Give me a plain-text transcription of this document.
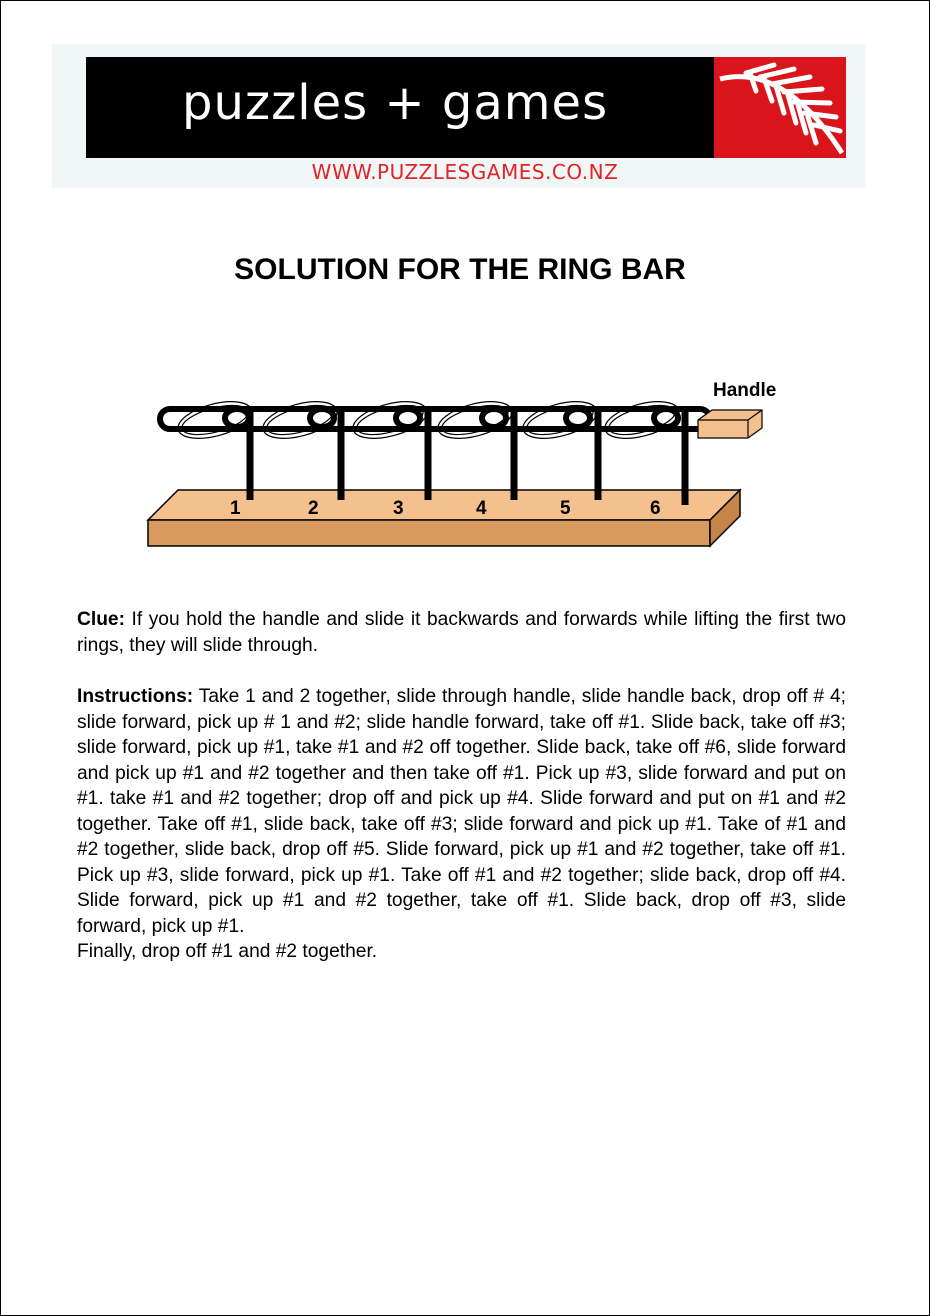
puzzles + games
WWW.PUZZLESGAMES.CO.NZ
SOLUTION FOR THE RING BAR
Handle
1	2	3	4	5	6

Clue: If you hold the handle and slide it backwards and forwards while lifting the first two rings, they will slide through.

Instructions: Take 1 and 2 together, slide through handle, slide handle back, drop off # 4; slide forward, pick up # 1 and #2; slide handle forward, take off #1. Slide back, take off #3; slide forward, pick up #1, take #1 and #2 off together. Slide back, take off #6, slide forward and pick up #1 and #2 together and then take off #1. Pick up #3, slide forward and put on #1. take #1 and #2 together; drop off and pick up #4. Slide forward and put on #1 and #2 together. Take off #1, slide back, take off #3; slide forward and pick up #1. Take of #1 and #2 together, slide back, drop off #5. Slide forward, pick up #1 and #2 together, take off #1. Pick up #3, slide forward, pick up #1. Take off #1 and #2 together; slide back, drop off #4. Slide forward, pick up #1 and #2 together, take off #1. Slide back, drop off #3, slide forward, pick up #1.
Finally, drop off #1 and #2 together.
